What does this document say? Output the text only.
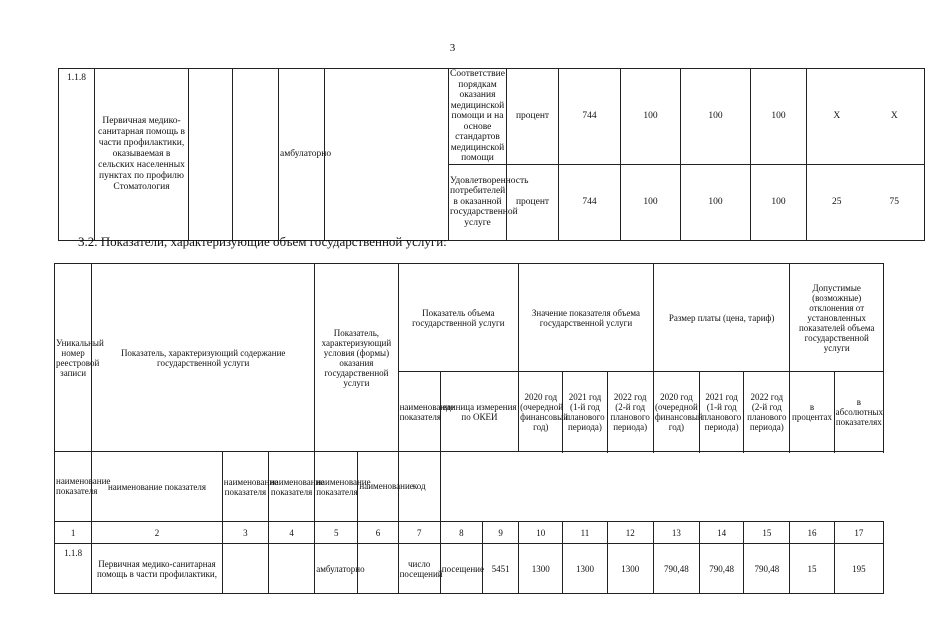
3
1.1.8	Первичная медико-санитарная помощь в части профилактики, оказываемая в сельских населенных пунктах по профилю Стоматология			амбулаторно		Соответствие порядкам оказания медицинской помощи и на основе стандартов медицинской помощи	процент	744	100	100	100	X X

						Удовлетворенность потребителей в оказанной государственной услуге	процент	744	100	100	100	25 75
3.2. Показатели, характеризующие объем государственной услуги:
Уникальный номер реестровой записи	Показатель, характеризующий содержание государственной услуги			Показатель, характеризующий условия (формы) оказания государственной услуги		Показатель объема государственной услуги			Значение показателя объема государственной услуги			Размер платы (цена, тариф)			Допустимые (возможные) отклонения от установленных показателей объема государственной услуги	
						наименование показателя	единица измерения по ОКЕИ		2020 год (очередной финансовый год)	2021 год (1-й год планового периода)	2022 год (2-й год планового периода)	2020 год (очередной финансовый год)	2021 год (1-й год планового периода)	2022 год (2-й год планового периода)	в процентах	в абсолютных показателях

наименование показателя	наименование показателя	наименование показателя	наименование показателя	наименование показателя	наименование	код										
1	2	3	4	5	6	7	8	9	10	11	12	13	14	15	16	17
1.1.8	Первичная медико-санитарная помощь в части профилактики,			амбулаторно		число посещений	посещение	5451	1300	1300	1300	790,48	790,48	790,48	15	195
